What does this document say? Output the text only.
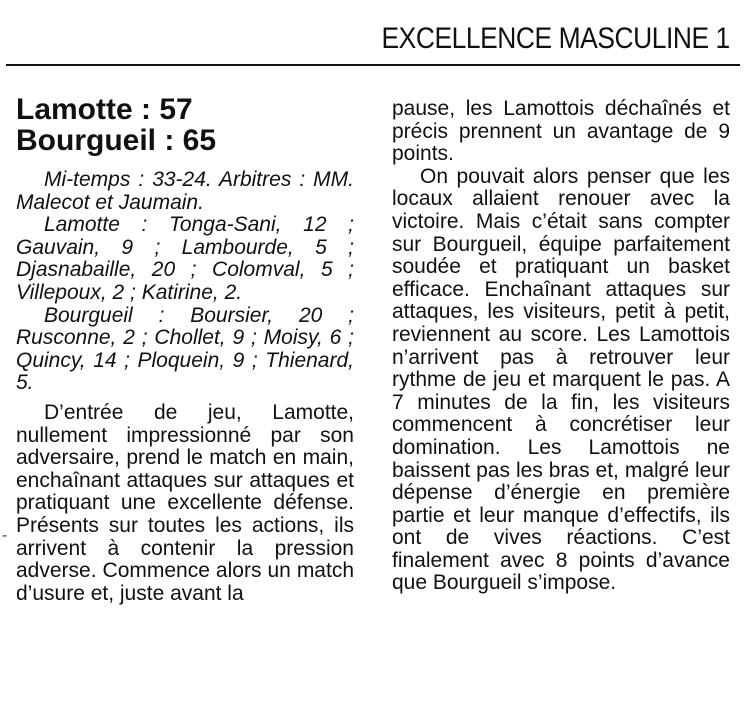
EXCELLENCE MASCULINE 1
-
Lamotte : 57
Bourgueil : 65

Mi-temps : 33-24. Arbitres : MM. Malecot et Jaumain.

Lamotte : Tonga-Sani, 12 ; Gauvain, 9 ; Lambourde, 5 ; Djasnabaille, 20 ; Colomval, 5 ; Villepoux, 2 ; Katirine, 2.

Bourgueil : Boursier, 20 ; Rusconne, 2 ; Chollet, 9 ; Moisy, 6 ; Quincy, 14 ; Ploquein, 9 ; Thienard, 5.

D’entrée de jeu, Lamotte, nullement impressionné par son adversaire, prend le match en main, enchaînant attaques sur attaques et pratiquant une excellente défense. Présents sur toutes les actions, ils arrivent à contenir la pression adverse. Commence alors un match d’usure et, juste avant la

pause, les Lamottois déchaînés et précis prennent un avantage de 9 points.

On pouvait alors penser que les locaux allaient renouer avec la victoire. Mais c’était sans compter sur Bourgueil, équipe parfaitement soudée et pratiquant un basket efficace. Enchaînant attaques sur attaques, les visiteurs, petit à petit, reviennent au score. Les Lamottois n’arrivent pas à retrouver leur rythme de jeu et marquent le pas. A 7 minutes de la fin, les visiteurs commencent à concrétiser leur domination. Les Lamottois ne baissent pas les bras et, malgré leur dépense d’énergie en première partie et leur manque d’effectifs, ils ont de vives réactions. C’est finalement avec 8 points d’avance que Bourgueil s’impose.
